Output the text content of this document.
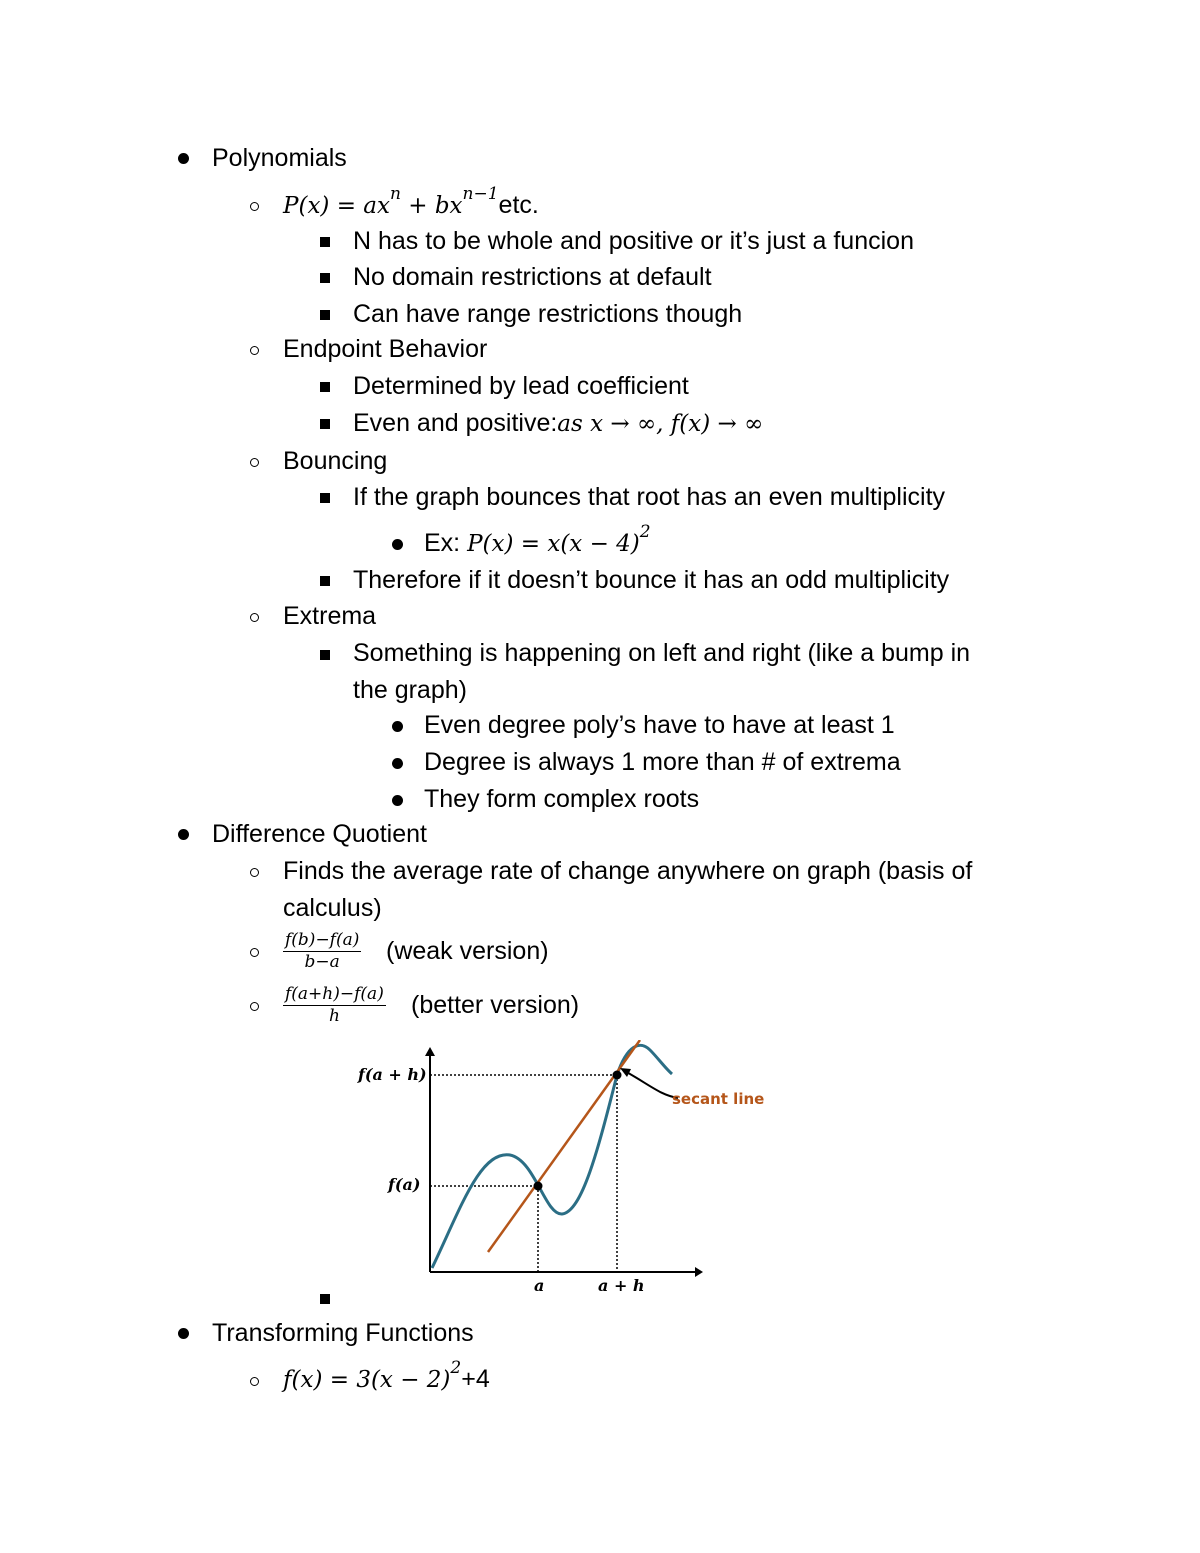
Polynomials
$P(x) = ax^n + bx^{n-1}etc$.
N has to be whole and positive or it’s just a funcion
No domain restrictions at default
Can have range restrictions though
Endpoint Behavior
Determined by lead coefficient
Even and positive:as x → ∞, f(x) → ∞
Bouncing
If the graph bounces that root has an even multiplicity
Ex: $P(x) = x(x - 4)^2$
Therefore if it doesn’t bounce it has an odd multiplicity
Extrema
Something is happening on left and right (like a bump in
the graph)
Even degree poly’s have to have at least 1
Degree is always 1 more than # of extrema
They form complex roots
Difference Quotient
Finds the average rate of change anywhere on graph (basis of
calculus)
$\frac{f(b)-f(a)}{b-a}$ (weak version)
$\frac{f(a+h)-f(a)}{h}$ (better version)
secant line
f(a + h)
f(a)
a	a + h
Transforming Functions
$f(x) = 3(x - 2)^2+4$
